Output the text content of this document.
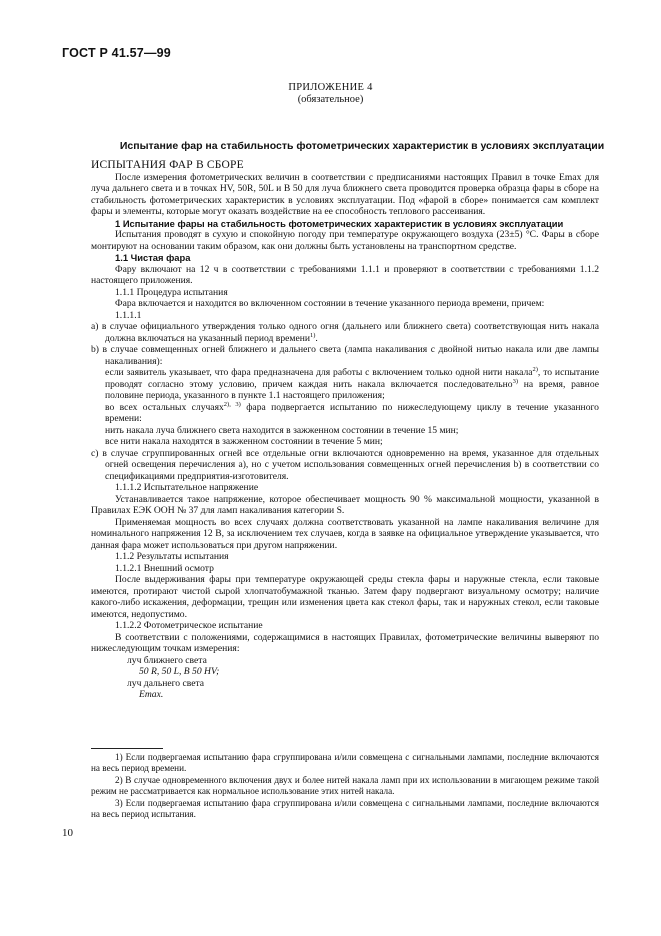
ГОСТ Р 41.57—99
ПРИЛОЖЕНИЕ 4
(обязательное)
Испытание фар на стабильность фотометрических характеристик в условиях эксплуатации

ИСПЫТАНИЯ ФАР В СБОРЕ

После измерения фотометрических величин в соответствии с предписаниями настоящих Правил в точке Emax для луча дальнего света и в точках HV, 50R, 50L и B 50 для луча ближнего света проводится проверка образца фары в сборе на стабильность фотометрических характеристик в условиях эксплуатации. Под «фарой в сборе» понимается сам комплект фары и элементы, которые могут оказать воздействие на ее способность теплового рассеивания.

1 Испытание фары на стабильность фотометрических характеристик в условиях эксплуатации

Испытания проводят в сухую и спокойную погоду при температуре окружающего воздуха (23±5) °С. Фары в сборе монтируют на основании таким образом, как они должны быть установлены на транспортном средстве.

1.1 Чистая фара

Фару включают на 12 ч в соответствии с требованиями 1.1.1 и проверяют в соответствии с требованиями 1.1.2 настоящего приложения.

1.1.1 Процедура испытания

Фара включается и находится во включенном состоянии в течение указанного периода времени, причем:

1.1.1.1

а) в случае официального утверждения только одного огня (дальнего или ближнего света) соответствующая нить накала должна включаться на указанный период времени$^{1)}$.

b) в случае совмещенных огней ближнего и дальнего света (лампа накаливания с двойной нитью накала или две лампы накаливания):

если заявитель указывает, что фара предназначена для работы с включением только одной нити накала$^{2)}$, то испытание проводят согласно этому условию, причем каждая нить накала включается последовательно$^{3)}$ на время, равное половине периода, указанного в пункте 1.1 настоящего приложения;

во всех остальных случаях$^{2), 3)}$ фара подвергается испытанию по нижеследующему циклу в течение указанного времени:

нить накала луча ближнего света находится в зажженном состоянии в течение 15 мин;

все нити накала находятся в зажженном состоянии в течение 5 мин;

с) в случае сгруппированных огней все отдельные огни включаются одновременно на время, указанное для отдельных огней освещения перечисления а), но с учетом использования совмещенных огней перечисления b) в соответствии со спецификациями предприятия-изготовителя.

1.1.1.2 Испытательное напряжение

Устанавливается такое напряжение, которое обеспечивает мощность 90 % максимальной мощности, указанной в Правилах ЕЭК ООН № 37 для ламп накаливания категории S.

Применяемая мощность во всех случаях должна соответствовать указанной на лампе накаливания величине для номинального напряжения 12 В, за исключением тех случаев, когда в заявке на официальное утверждение указывается, что данная фара может использоваться при другом напряжении.

1.1.2 Результаты испытания

1.1.2.1 Внешний осмотр

После выдерживания фары при температуре окружающей среды стекла фары и наружные стекла, если таковые имеются, протирают чистой сырой хлопчатобумажной тканью. Затем фару подвергают визуальному осмотру; наличие какого-либо искажения, деформации, трещин или изменения цвета как стекол фары, так и наружных стекол, если таковые имеются, недопустимо.

1.1.2.2 Фотометрическое испытание

В соответствии с положениями, содержащимися в настоящих Правилах, фотометрические величины выверяют по нижеследующим точкам измерения:

луч ближнего света

50 R, 50 L, B 50 HV;

луч дальнего света

Emax.

1) Если подвергаемая испытанию фара сгруппирована и/или совмещена с сигнальными лампами, последние включаются на весь период времени.

2) В случае одновременного включения двух и более нитей накала ламп при их использовании в мигающем режиме такой режим не рассматривается как нормальное использование этих нитей накала.

3) Если подвергаемая испытанию фара сгруппирована и/или совмещена с сигнальными лампами, последние включаются на весь период испытания.

10
